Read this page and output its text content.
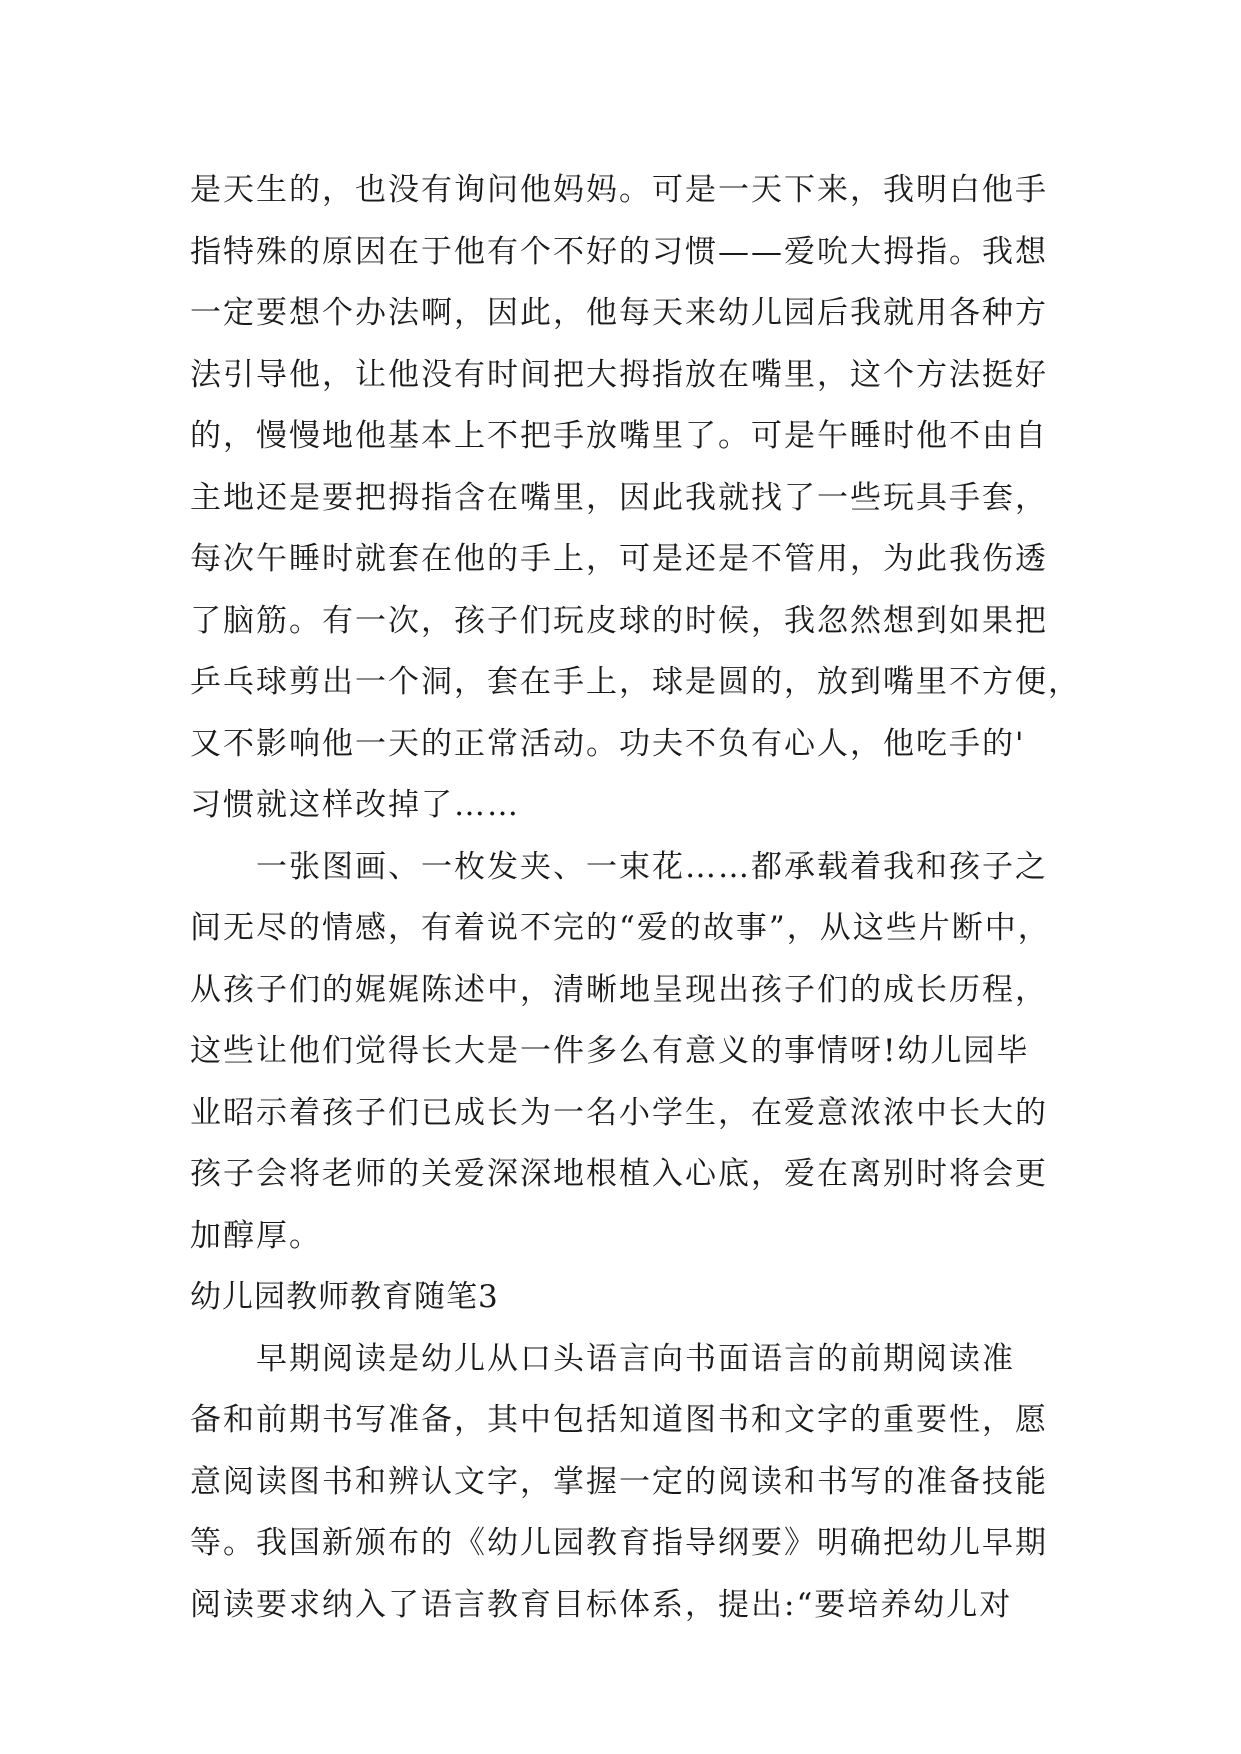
是天生的，也没有询问他妈妈。可是一天下来，我明白他手
指特殊的原因在于他有个不好的习惯——爱吮大拇指。我想
一定要想个办法啊，因此，他每天来幼儿园后我就用各种方
法引导他，让他没有时间把大拇指放在嘴里，这个方法挺好
的，慢慢地他基本上不把手放嘴里了。可是午睡时他不由自
主地还是要把拇指含在嘴里，因此我就找了一些玩具手套，
每次午睡时就套在他的手上，可是还是不管用，为此我伤透
了脑筋。有一次，孩子们玩皮球的时候，我忽然想到如果把
乒乓球剪出一个洞，套在手上，球是圆的，放到嘴里不方便，
又不影响他一天的正常活动。功夫不负有心人，他吃手的'
习惯就这样改掉了……
一张图画、一枚发夹、一束花……都承载着我和孩子之
间无尽的情感，有着说不完的“爱的故事”，从这些片断中，
从孩子们的娓娓陈述中，清晰地呈现出孩子们的成长历程，
这些让他们觉得长大是一件多么有意义的事情呀!幼儿园毕
业昭示着孩子们已成长为一名小学生，在爱意浓浓中长大的
孩子会将老师的关爱深深地根植入心底，爱在离别时将会更
加醇厚。
幼儿园教师教育随笔3
早期阅读是幼儿从口头语言向书面语言的前期阅读准
备和前期书写准备，其中包括知道图书和文字的重要性，愿
意阅读图书和辨认文字，掌握一定的阅读和书写的准备技能
等。我国新颁布的《幼儿园教育指导纲要》明确把幼儿早期
阅读要求纳入了语言教育目标体系，提出:“要培养幼儿对
